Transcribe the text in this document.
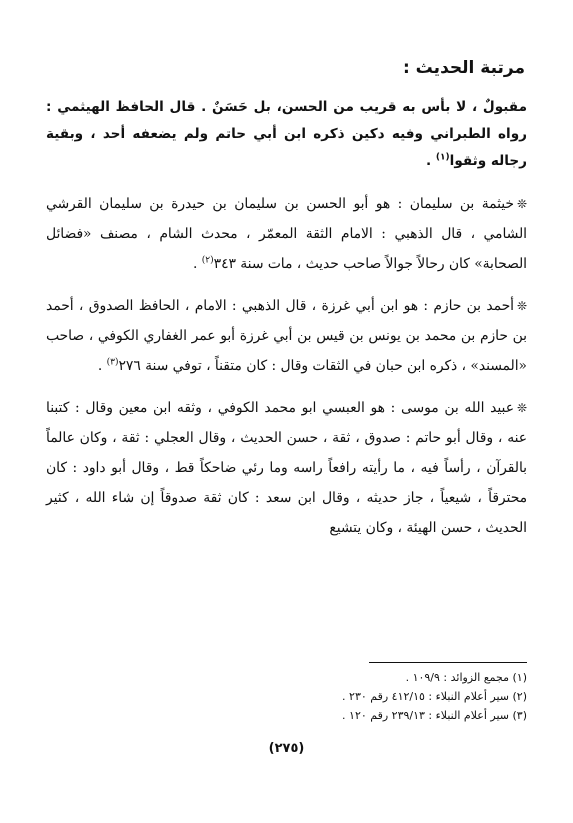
مرتبة الحديث :

مقبولٌ ، لا بأس به قريب من الحسن، بل حَسَنٌ . قال الحافظ الهيثمي : رواه الطبراني وفيه دكين ذكره ابن أبي حاتم ولم يضعفه أحد ، وبقية رجاله وثقوا$^{(١)}$ .

❊خيثمة بن سليمان : هو أبو الحسن بن سليمان بن حيدرة بن سليمان القرشي الشامي ، قال الذهبي : الامام الثقة المعمّر ، محدث الشام ، مصنف «فضائل الصحابة» كان رحالاً جوالاً صاحب حديث ، مات سنة ٣٤٣$^{(٢)}$ .

❊أحمد بن حازم : هو ابن أبي غرزة ، قال الذهبي : الامام ، الحافظ الصدوق ، أحمد بن حازم بن محمد بن يونس بن قيس بن أبي غرزة أبو عمر الغفاري الكوفي ، صاحب «المسند» ، ذكره ابن حبان في الثقات وقال : كان متقناً ، توفي سنة ٢٧٦$^{(٣)}$ .

❊عبيد الله بن موسى : هو العبسي ابو محمد الكوفي ، وثقه ابن معين وقال : كتبنا عنه ، وقال أبو حاتم : صدوق ، ثقة ، حسن الحديث ، وقال العجلي : ثقة ، وكان عالماً بالقرآن ، رأساً فيه ، ما رأيته رافعاً راسه وما رئي ضاحكاً قط ، وقال أبو داود : كان محترقاً ، شيعياً ، جاز حديثه ، وقال ابن سعد : كان ثقة صدوقاً إن شاء الله ، كثير الحديث ، حسن الهيئة ، وكان يتشيع

(١) مجمع الزوائد : ١٠٩/٩ .
(٢) سير أعلام النبلاء : ٤١٢/١٥ رقم ٢٣٠ .
(٣) سير أعلام النبلاء : ٢٣٩/١٣ رقم ١٢٠ .
(٢٧٥)
